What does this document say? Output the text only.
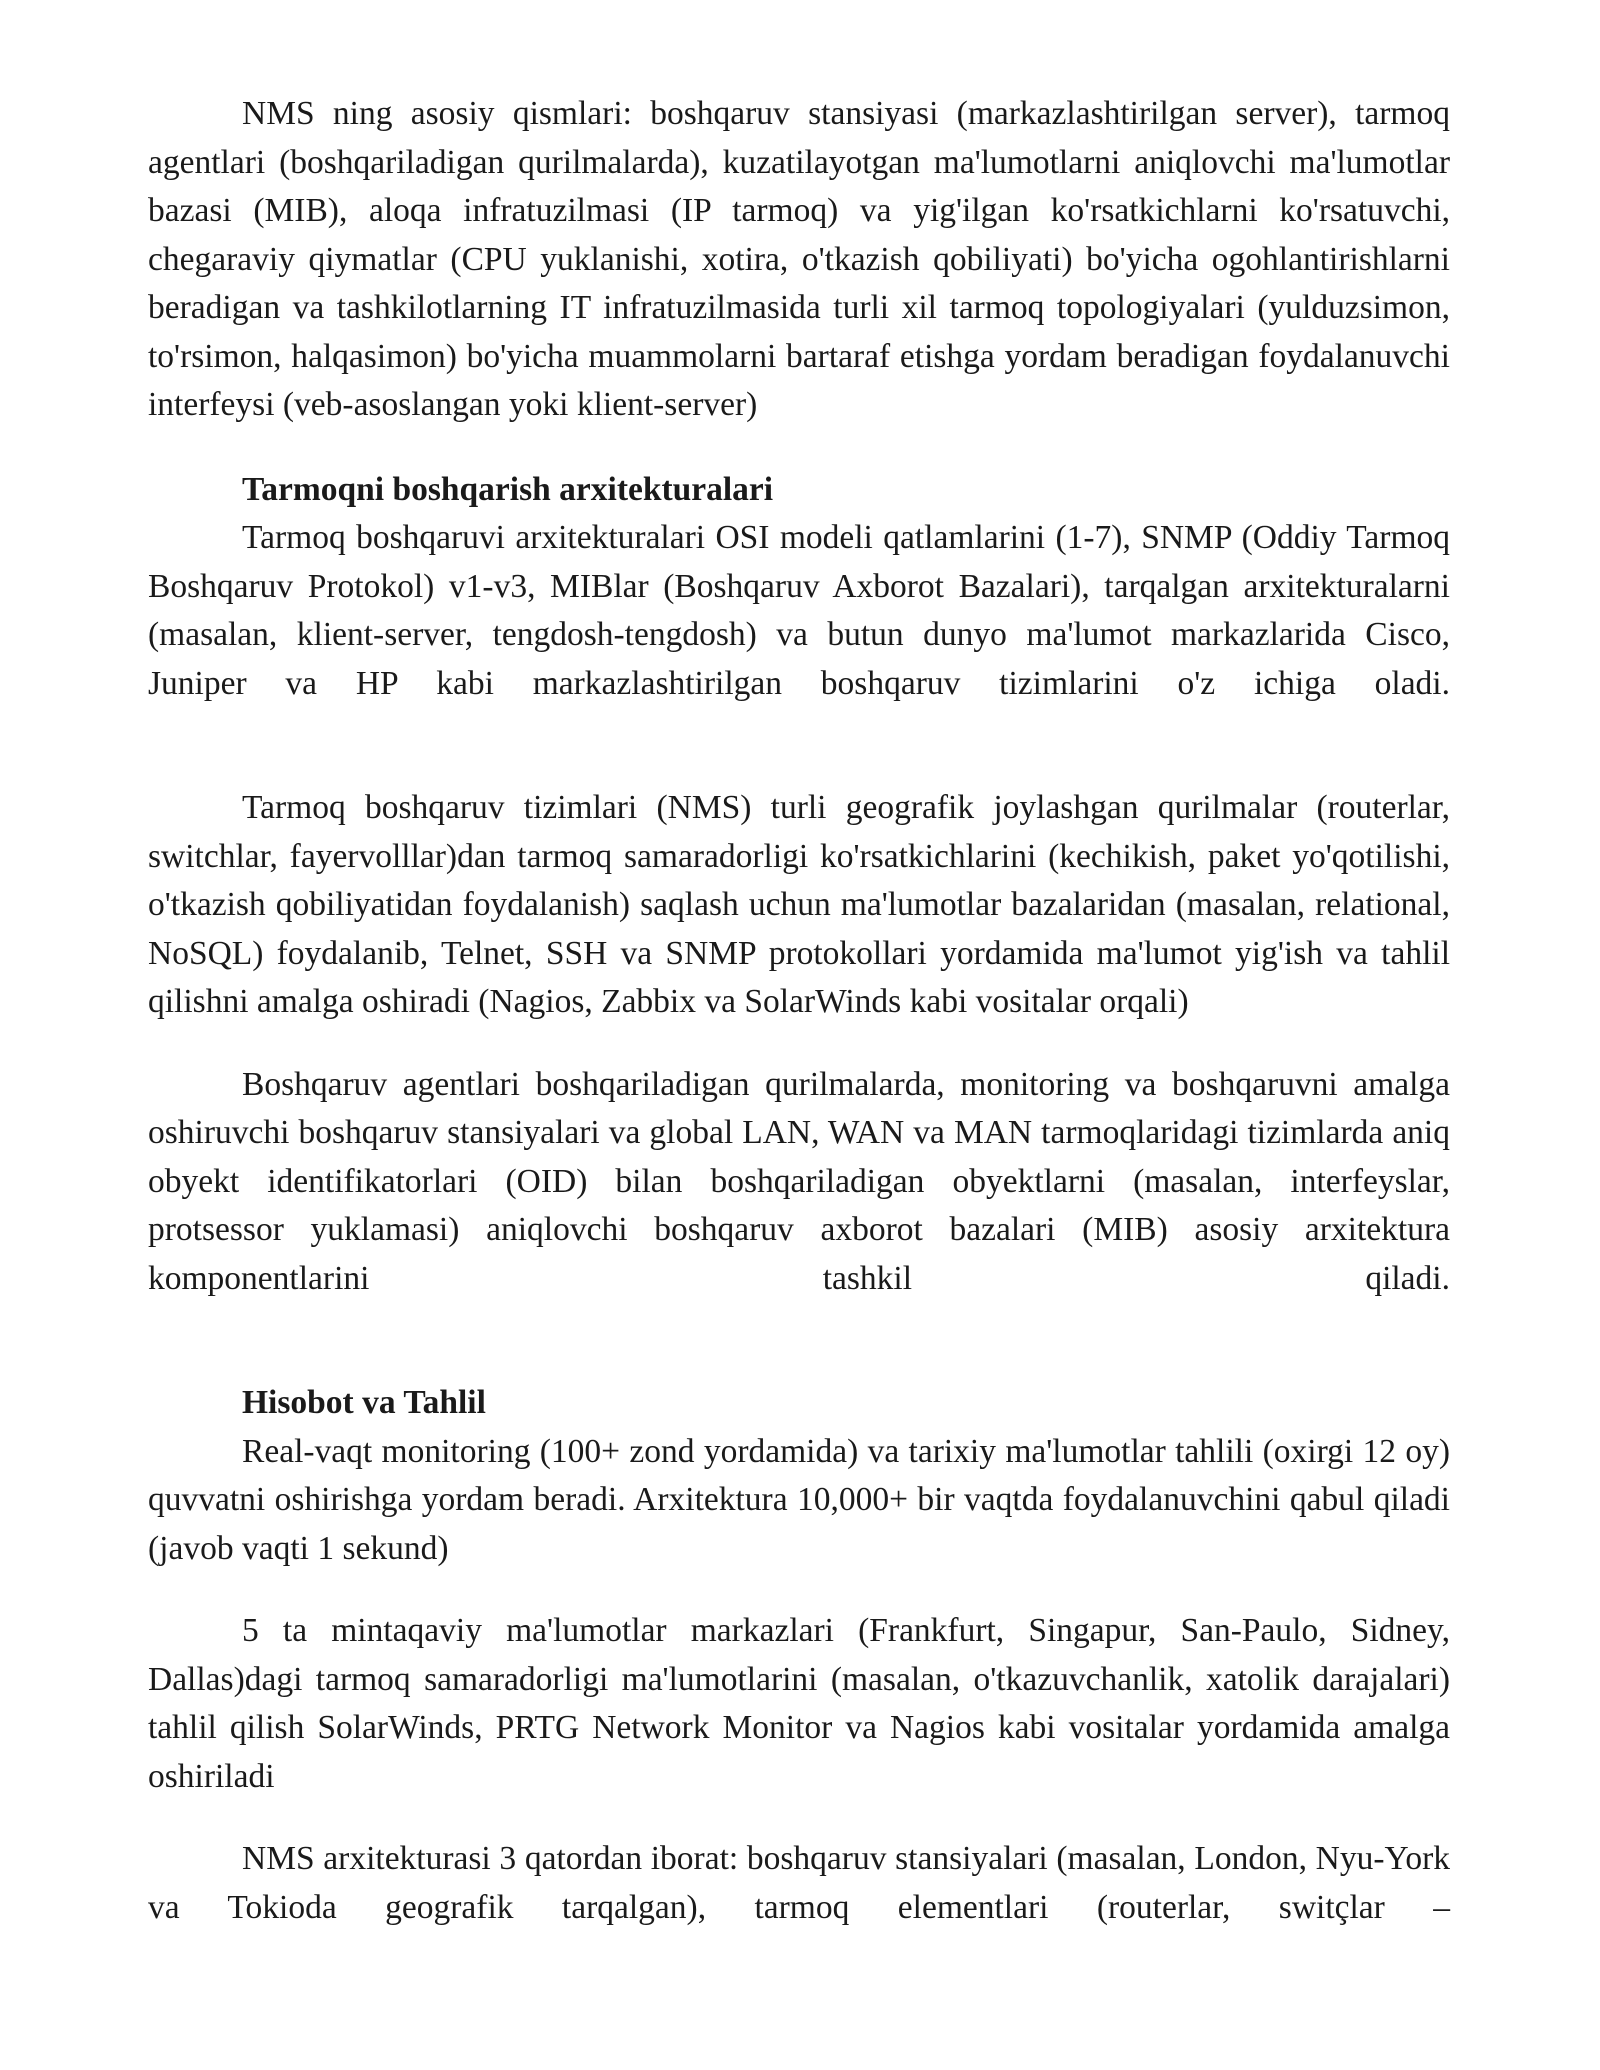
NMS ning asosiy qismlari: boshqaruv stansiyasi (markazlashtirilgan server), tarmoq agentlari (boshqariladigan qurilmalarda), kuzatilayotgan ma'lumotlarni aniqlovchi ma'lumotlar bazasi (MIB), aloqa infratuzilmasi (IP tarmoq) va yig'ilgan ko'rsatkichlarni ko'rsatuvchi, chegaraviy qiymatlar (CPU yuklanishi, xotira, o'tkazish qobiliyati) bo'yicha ogohlantirishlarni beradigan va tashkilotlarning IT infratuzilmasida turli xil tarmoq topologiyalari (yulduzsimon, to'rsimon, halqasimon) bo'yicha muammolarni bartaraf etishga yordam beradigan foydalanuvchi interfeysi (veb-asoslangan yoki klient-server)

Tarmoqni boshqarish arxitekturalari

Tarmoq boshqaruvi arxitekturalari OSI modeli qatlamlarini (1-7), SNMP (Oddiy Tarmoq Boshqaruv Protokol) v1-v3, MIBlar (Boshqaruv Axborot Bazalari), tarqalgan arxitekturalarni (masalan, klient-server, tengdosh-tengdosh) va butun dunyo ma'lumot markazlarida Cisco, Juniper va HP kabi markazlashtirilgan boshqaruv tizimlarini o'z ichiga oladi.

Tarmoq boshqaruv tizimlari (NMS) turli geografik joylashgan qurilmalar (routerlar, switchlar, fayervolllar)dan tarmoq samaradorligi ko'rsatkichlarini (kechikish, paket yo'qotilishi, o'tkazish qobiliyatidan foydalanish) saqlash uchun ma'lumotlar bazalaridan (masalan, relational, NoSQL) foydalanib, Telnet, SSH va SNMP protokollari yordamida ma'lumot yig'ish va tahlil qilishni amalga oshiradi (Nagios, Zabbix va SolarWinds kabi vositalar orqali)

Boshqaruv agentlari boshqariladigan qurilmalarda, monitoring va boshqaruvni amalga oshiruvchi boshqaruv stansiyalari va global LAN, WAN va MAN tarmoqlaridagi tizimlarda aniq obyekt identifikatorlari (OID) bilan boshqariladigan obyektlarni (masalan, interfeyslar, protsessor yuklamasi) aniqlovchi boshqaruv axborot bazalari (MIB) asosiy arxitektura komponentlarini tashkil qiladi.

Hisobot va Tahlil

Real-vaqt monitoring (100+ zond yordamida) va tarixiy ma'lumotlar tahlili (oxirgi 12 oy) quvvatni oshirishga yordam beradi. Arxitektura 10,000+ bir vaqtda foydalanuvchini qabul qiladi (javob vaqti 1 sekund)

5 ta mintaqaviy ma'lumotlar markazlari (Frankfurt, Singapur, San-Paulo, Sidney, Dallas)dagi tarmoq samaradorligi ma'lumotlarini (masalan, o'tkazuvchanlik, xatolik darajalari) tahlil qilish SolarWinds, PRTG Network Monitor va Nagios kabi vositalar yordamida amalga oshiriladi

NMS arxitekturasi 3 qatordan iborat: boshqaruv stansiyalari (masalan, London, Nyu-York va Tokioda geografik tarqalgan), tarmoq elementlari (routerlar, switçlar –
